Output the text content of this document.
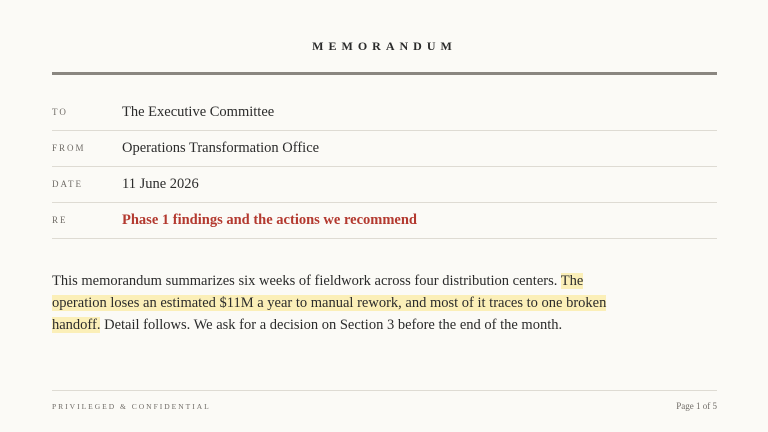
MEMORANDUM
TO	The Executive Committee
FROM	Operations Transformation Office
DATE	11 June 2026
RE	Phase 1 findings and the actions we recommend

This memorandum summarizes six weeks of fieldwork across four distribution centers. The operation loses an estimated $11M a year to manual rework, and most of it traces to one broken handoff. Detail follows. We ask for a decision on Section 3 before the end of the month.

PRIVILEGED & CONFIDENTIAL	Page 1 of 5
